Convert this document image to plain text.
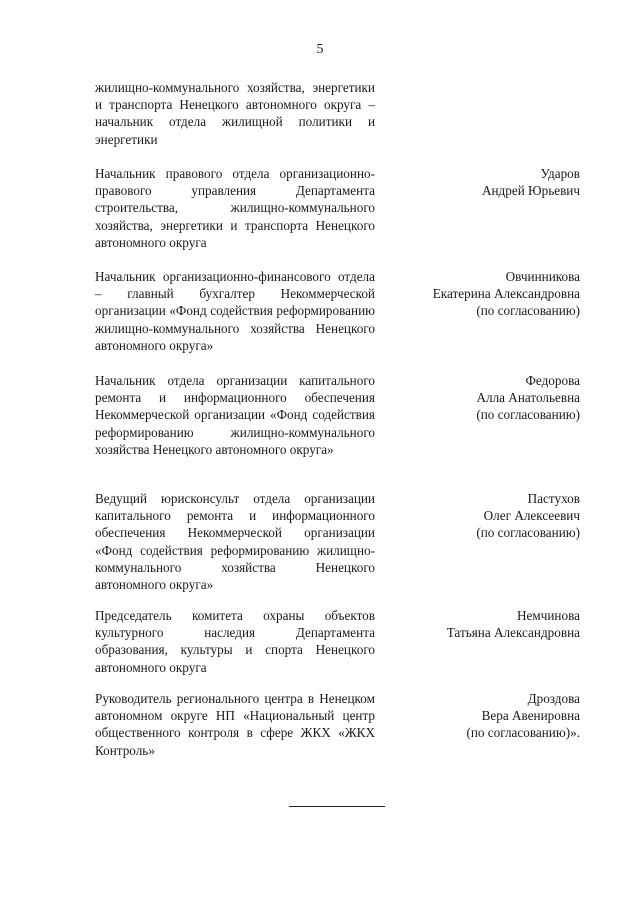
5
жилищно-коммунального хозяйства, энергетики и транспорта Ненецкого автономного округа – начальник отдела жилищной политики и энергетики
Начальник правового отдела организационно-правового управления Департамента строительства, жилищно-коммунального хозяйства, энергетики и транспорта Ненецкого автономного округа
Ударов
Андрей Юрьевич
Начальник организационно-финансового отдела – главный бухгалтер Некоммерческой организации «Фонд содействия реформированию жилищно-коммунального хозяйства Ненецкого автономного округа»
Овчинникова
Екатерина Александровна
(по согласованию)
Начальник отдела организации капитального ремонта и информационного обеспечения Некоммерческой организации «Фонд содействия реформированию жилищно-коммунального хозяйства Ненецкого автономного округа»
Федорова
Алла Анатольевна
(по согласованию)
Ведущий юрисконсульт отдела организации капитального ремонта и информационного обеспечения Некоммерческой организации «Фонд содействия реформированию жилищно-коммунального хозяйства Ненецкого автономного округа»
Пастухов
Олег Алексеевич
(по согласованию)
Председатель комитета охраны объектов культурного наследия Департамента образования, культуры и спорта Ненецкого автономного округа
Немчинова
Татьяна Александровна
Руководитель регионального центра в Ненецком автономном округе НП «Национальный центр общественного контроля в сфере ЖКХ «ЖКХ Контроль»
Дроздова
Вера Авенировна
(по согласованию)».
